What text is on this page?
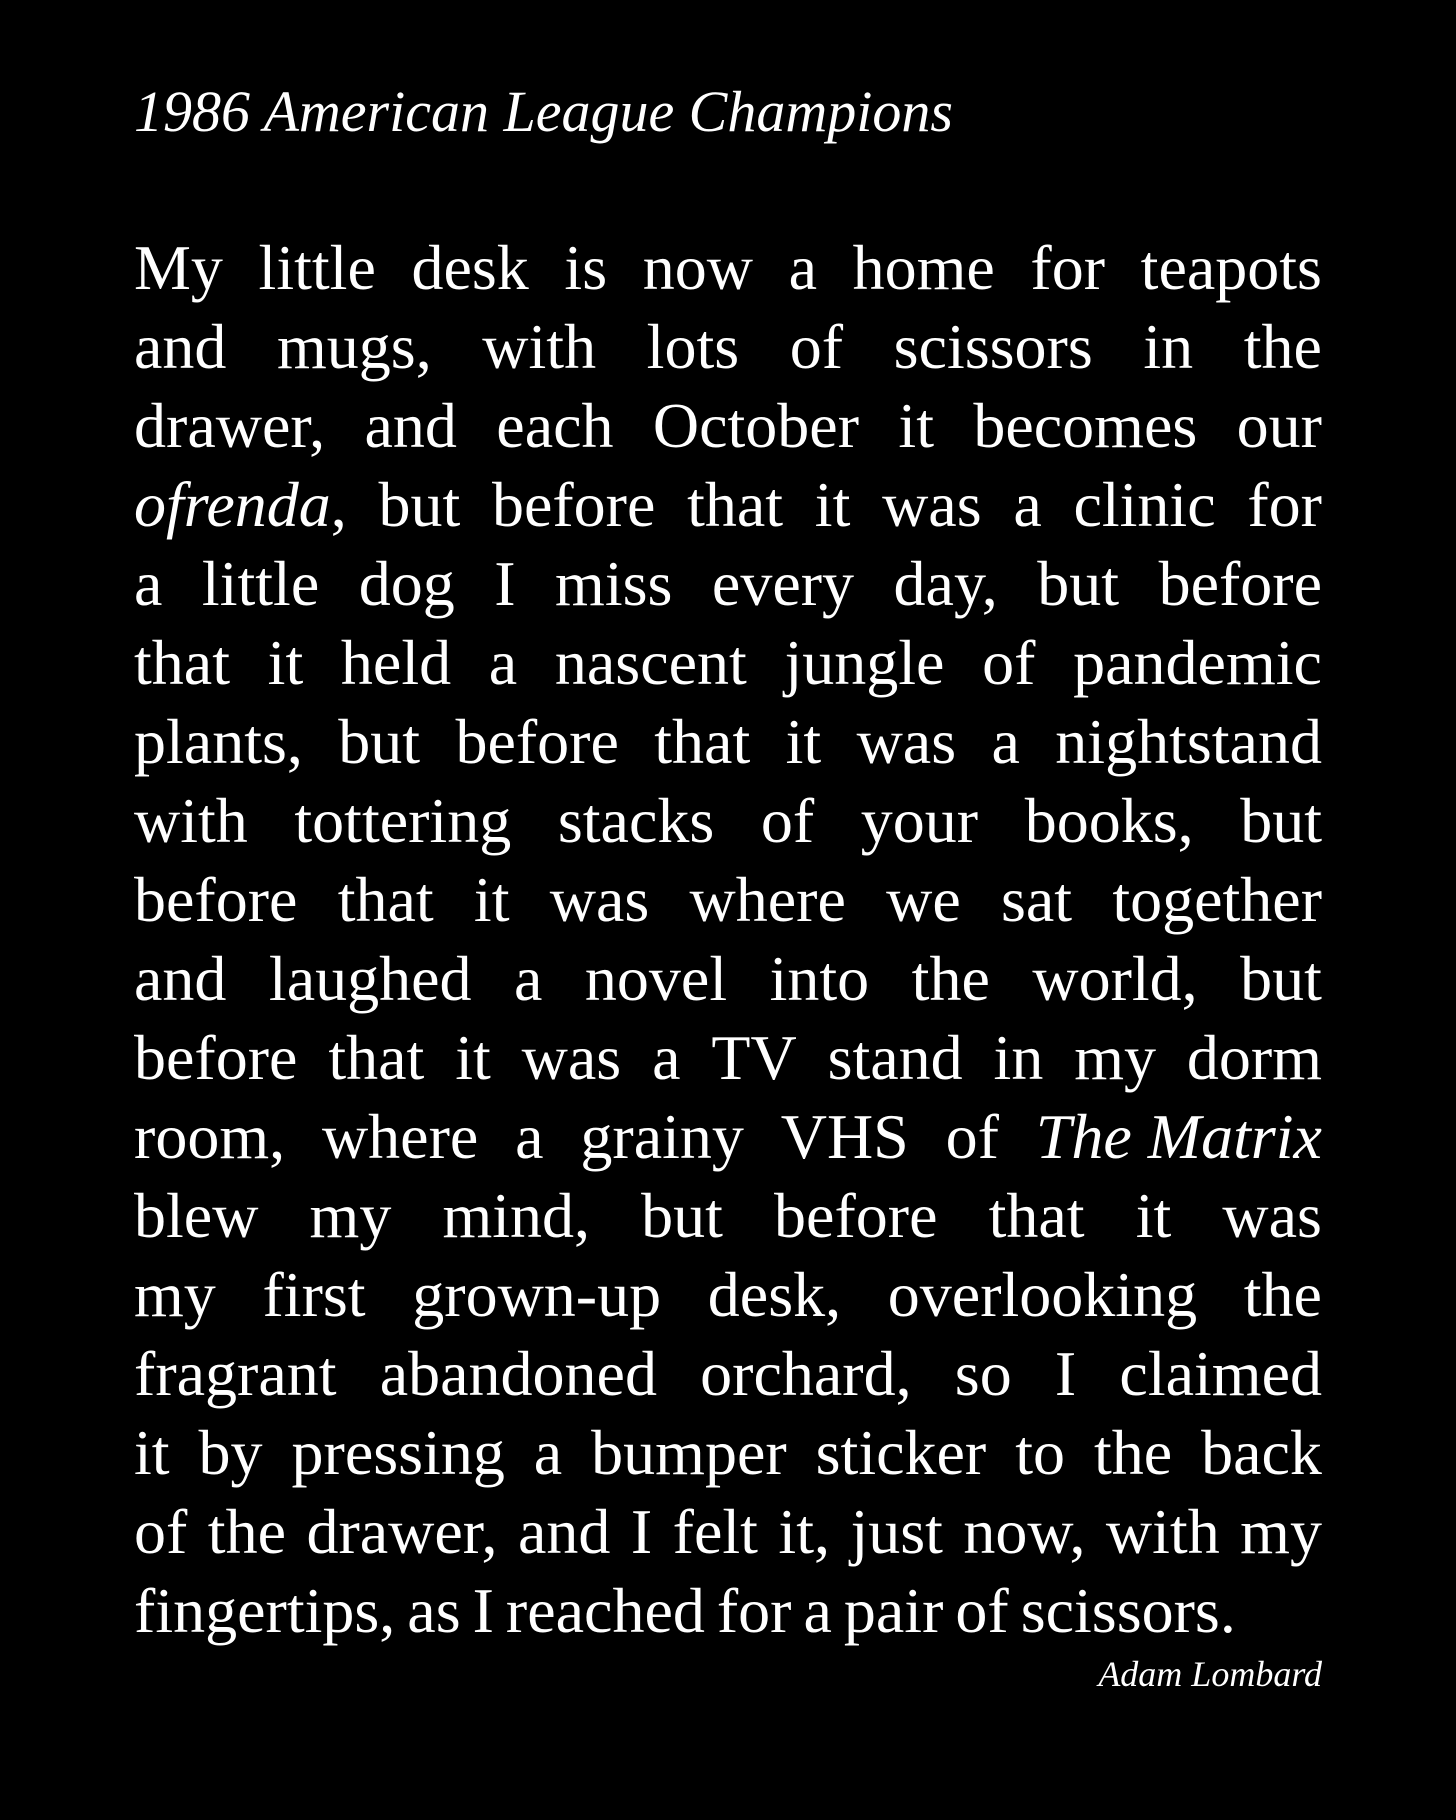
1986 American League Champions
My little desk is now a home for teapots
and mugs, with lots of scissors in the
drawer, and each October it becomes our
ofrenda, but before that it was a clinic for
a little dog I miss every day, but before
that it held a nascent jungle of pandemic
plants, but before that it was a nightstand
with tottering stacks of your books, but
before that it was where we sat together
and laughed a novel into the world, but
before that it was a TV stand in my dorm
room, where a grainy VHS of The Matrix
blew my mind, but before that it was
my first grown-up desk, overlooking the
fragrant abandoned orchard, so I claimed
it by pressing a bumper sticker to the back
of the drawer, and I felt it, just now, with my
fingertips, as I reached for a pair of scissors.

Adam Lombard
